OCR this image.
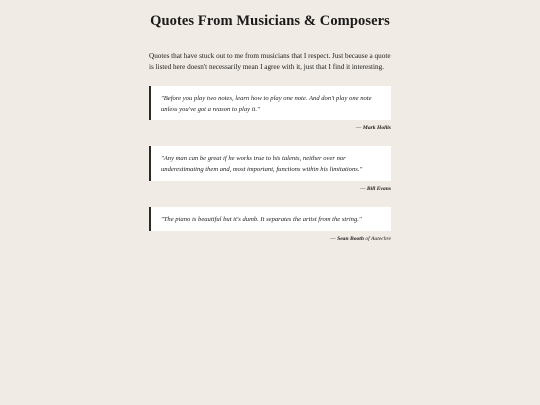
Quotes From Musicians & Composers

Quotes that have stuck out to me from musicians that I respect. Just because a quote is listed here doesn't necessarily mean I agree with it, just that I find it interesting.

"Before you play two notes, learn how to play one note. And don't play one note unless you've got a reason to play it."
— Mark Hollis
"Any man can be great if he works true to his talents, neither over nor underestimating them and, most important, functions within his limitations."
— Bill Evans
"The piano is beautiful but it's dumb. It separates the artist from the string."
— Sean Booth of Autechre
